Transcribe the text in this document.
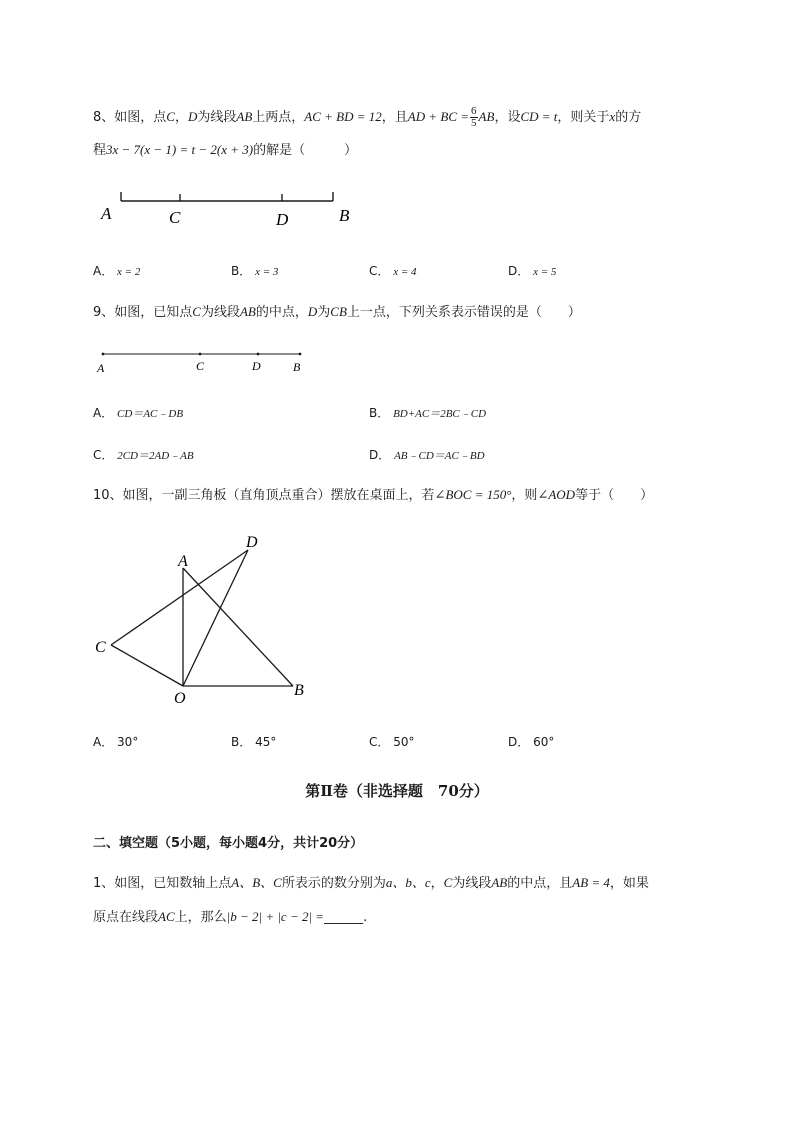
8、如图，点C，D为线段AB上两点，AC + BD = 12，且AD + BC = $\frac{6}{5}$ AB，设CD = t，则关于x的方
程3x − 7(x − 1) = t − 2(x + 3)的解是（　　　）
A	C	D	B
A． x = 2	B． x = 3	C． x = 4	D． x = 5
9、如图，已知点C为线段AB的中点，D为CB上一点，下列关系表示错误的是（　　）
A	C	D	B
A． CD＝AC﹣DB	B． BD+AC＝2BC﹣CD
C． 2CD＝2AD﹣AB	D． AB﹣CD＝AC﹣BD
10、如图，一副三角板（直角顶点重合）摆放在桌面上，若∠BOC = 150°，则∠AOD等于（　　）
A
D
C
O	B
A． 30°	B． 45°	C． 50°	D． 60°
第Ⅱ卷（非选择题　70分）
二、填空题（5小题，每小题4分，共计20分）
1、如图，已知数轴上点A、B、C所表示的数分别为a、b、c，C为线段AB的中点，且AB = 4，如果
原点在线段AC上，那么|b − 2| + |c − 2| =______.
